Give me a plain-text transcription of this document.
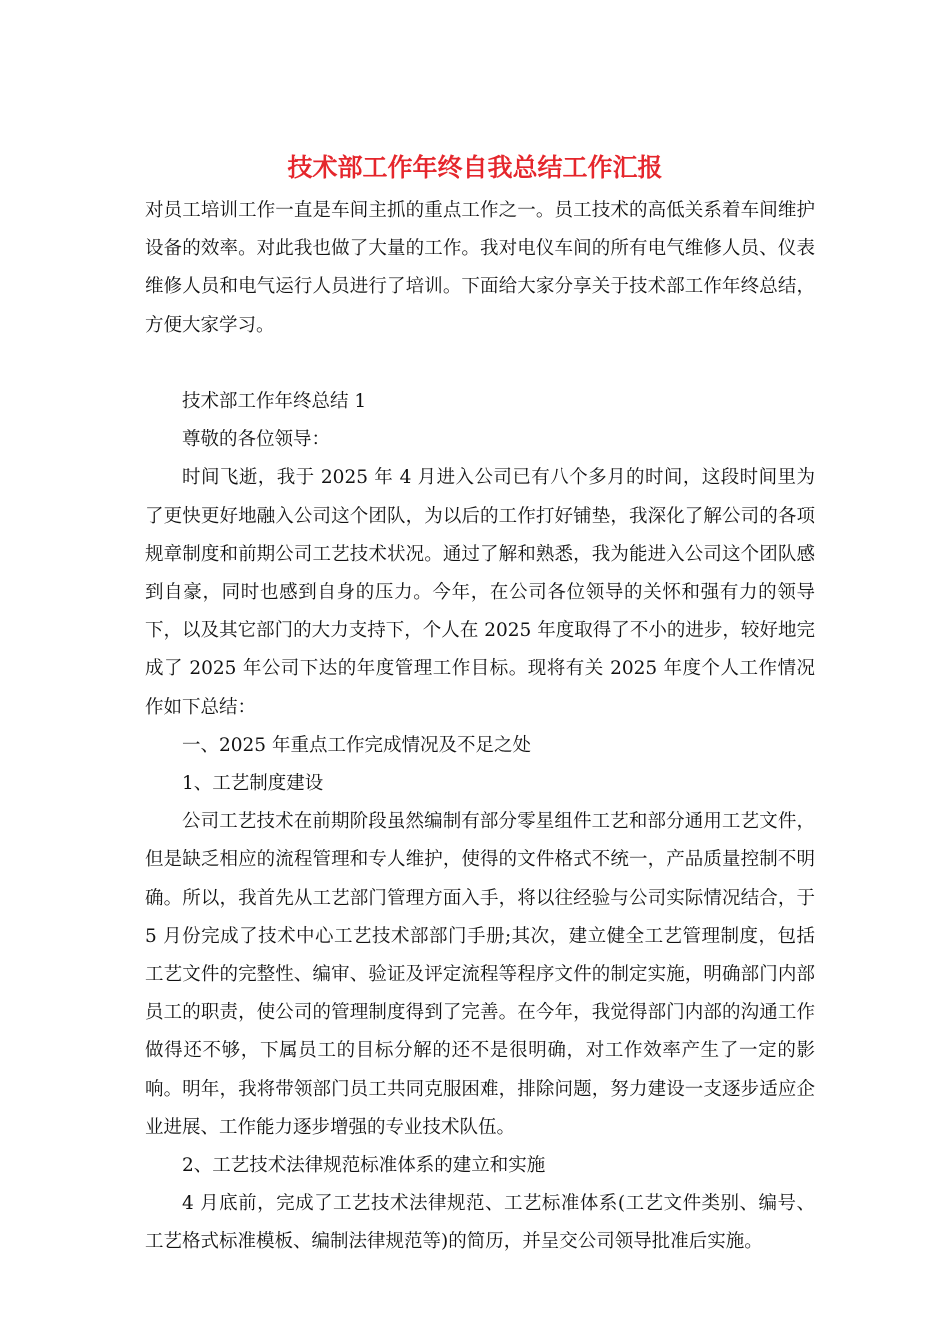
技术部工作年终自我总结工作汇报

对员工培训工作一直是车间主抓的重点工作之一。员工技术的高低关系着车间维护设备的效率。对此我也做了大量的工作。我对电仪车间的所有电气维修人员、仪表维修人员和电气运行人员进行了培训。下面给大家分享关于技术部工作年终总结，方便大家学习。

技术部工作年终总结 1

尊敬的各位领导：

时间飞逝，我于 2025 年 4 月进入公司已有八个多月的时间，这段时间里为了更快更好地融入公司这个团队，为以后的工作打好铺垫，我深化了解公司的各项规章制度和前期公司工艺技术状况。通过了解和熟悉，我为能进入公司这个团队感到自豪，同时也感到自身的压力。今年，在公司各位领导的关怀和强有力的领导下，以及其它部门的大力支持下，个人在 2025 年度取得了不小的进步，较好地完成了 2025 年公司下达的年度管理工作目标。现将有关 2025 年度个人工作情况作如下总结：

一、2025 年重点工作完成情况及不足之处

1、工艺制度建设

公司工艺技术在前期阶段虽然编制有部分零星组件工艺和部分通用工艺文件，但是缺乏相应的流程管理和专人维护，使得的文件格式不统一，产品质量控制不明确。所以，我首先从工艺部门管理方面入手，将以往经验与公司实际情况结合，于 5 月份完成了技术中心工艺技术部部门手册;其次，建立健全工艺管理制度，包括工艺文件的完整性、编审、验证及评定流程等程序文件的制定实施，明确部门内部员工的职责，使公司的管理制度得到了完善。在今年，我觉得部门内部的沟通工作做得还不够，下属员工的目标分解的还不是很明确，对工作效率产生了一定的影响。明年，我将带领部门员工共同克服困难，排除问题，努力建设一支逐步适应企业进展、工作能力逐步增强的专业技术队伍。

2、工艺技术法律规范标准体系的建立和实施

4 月底前，完成了工艺技术法律规范、工艺标准体系(工艺文件类别、编号、工艺格式标准模板、编制法律规范等)的简历，并呈交公司领导批准后实施。
